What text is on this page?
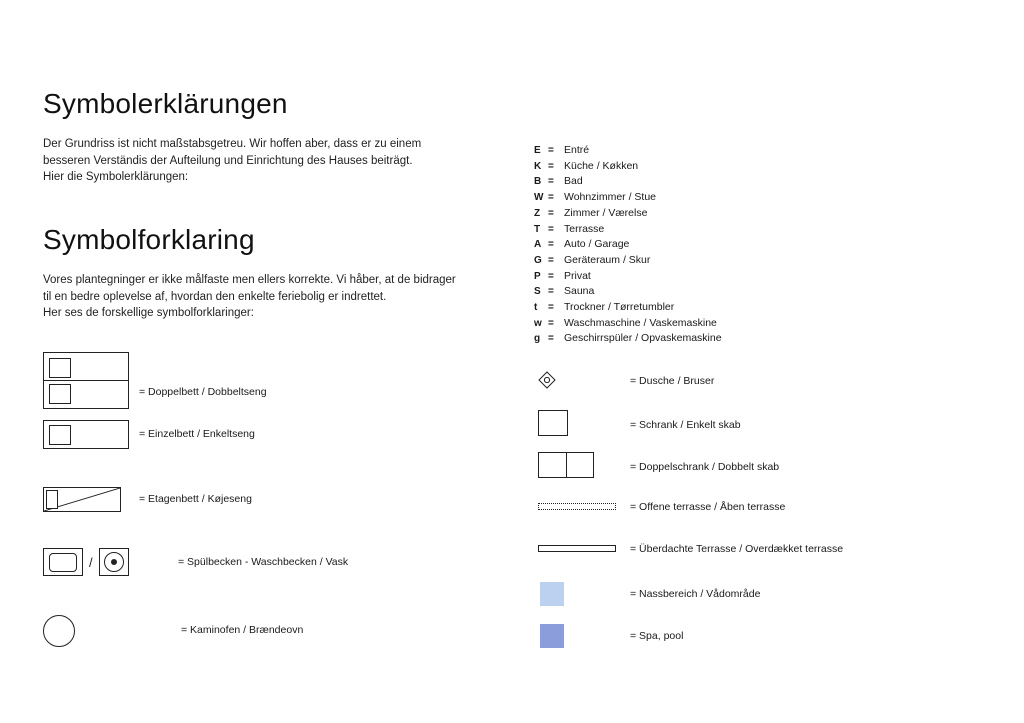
Symbolerklärungen

Der Grundriss ist nicht maßstabsgetreu. Wir hoffen aber, dass er zu einem
besseren Verständis der Aufteilung und Einrichtung des Hauses beiträgt.
Hier die Symbolerklärungen:

Symbolforklaring

Vores plantegninger er ikke målfaste men ellers korrekte. Vi håber, at de bidrager
til en bedre oplevelse af, hvordan den enkelte feriebolig er indrettet.
Her ses de forskellige symbolforklaringer:

E = Entré
K = Küche / Køkken
B = Bad
W = Wohnzimmer / Stue
Z = Zimmer / Værelse
T = Terrasse
A = Auto / Garage
G = Geräteraum / Skur
P = Privat
S = Sauna
t	= Trockner / Tørretumbler
w = Waschmaschine / Vaskemaskine
g = Geschirrspüler / Opvaskemaskine
= Doppelbett / Dobbeltseng
= Einzelbett / Enkeltseng
= Etagenbett / Køjeseng
/	= Spülbecken - Waschbecken / Vask
= Kaminofen / Brændeovn
= Dusche / Bruser
= Schrank / Enkelt skab
= Doppelschrank / Dobbelt skab
= Offene terrasse / Åben terrasse
= Überdachte Terrasse / Overdækket terrasse
= Nassbereich / Vådområde
= Spa, pool
